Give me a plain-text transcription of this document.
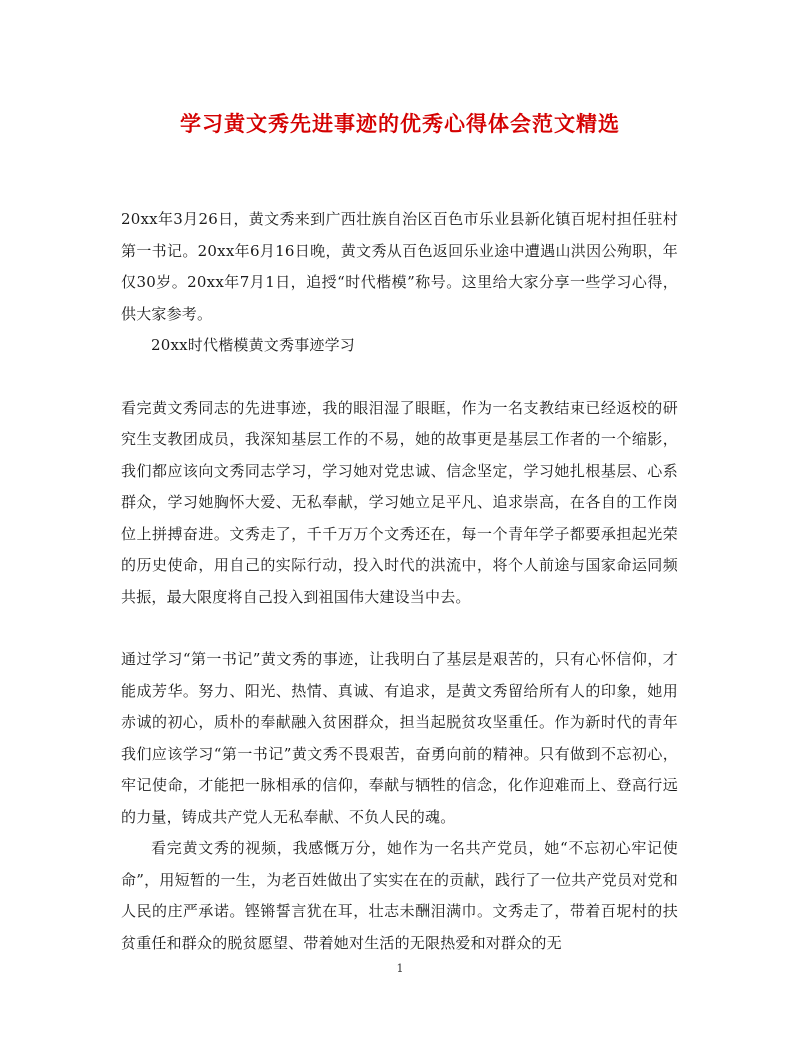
学习黄文秀先进事迹的优秀心得体会范文精选

20xx年3月26日，黄文秀来到广西壮族自治区百色市乐业县新化镇百坭村担任驻村第一书记。20xx年6月16日晚，黄文秀从百色返回乐业途中遭遇山洪因公殉职，年仅30岁。20xx年7月1日，追授“时代楷模”称号。这里给大家分享一些学习心得，供大家参考。

20xx时代楷模黄文秀事迹学习

看完黄文秀同志的先进事迹，我的眼泪湿了眼眶，作为一名支教结束已经返校的研究生支教团成员，我深知基层工作的不易，她的故事更是基层工作者的一个缩影，我们都应该向文秀同志学习，学习她对党忠诚、信念坚定，学习她扎根基层、心系群众，学习她胸怀大爱、无私奉献，学习她立足平凡、追求崇高，在各自的工作岗位上拼搏奋进。文秀走了，千千万万个文秀还在，每一个青年学子都要承担起光荣的历史使命，用自己的实际行动，投入时代的洪流中，将个人前途与国家命运同频共振，最大限度将自己投入到祖国伟大建设当中去。

通过学习“第一书记”黄文秀的事迹，让我明白了基层是艰苦的，只有心怀信仰，才能成芳华。努力、阳光、热情、真诚、有追求，是黄文秀留给所有人的印象，她用赤诚的初心，质朴的奉献融入贫困群众，担当起脱贫攻坚重任。作为新时代的青年我们应该学习“第一书记”黄文秀不畏艰苦，奋勇向前的精神。只有做到不忘初心，牢记使命，才能把一脉相承的信仰，奉献与牺牲的信念，化作迎难而上、登高行远的力量，铸成共产党人无私奉献、不负人民的魂。

看完黄文秀的视频，我感慨万分，她作为一名共产党员，她“不忘初心牢记使命”，用短暂的一生，为老百姓做出了实实在在的贡献，践行了一位共产党员对党和人民的庄严承诺。铿锵誓言犹在耳，壮志未酬泪满巾。文秀走了，带着百坭村的扶贫重任和群众的脱贫愿望、带着她对生活的无限热爱和对群众的无

1
